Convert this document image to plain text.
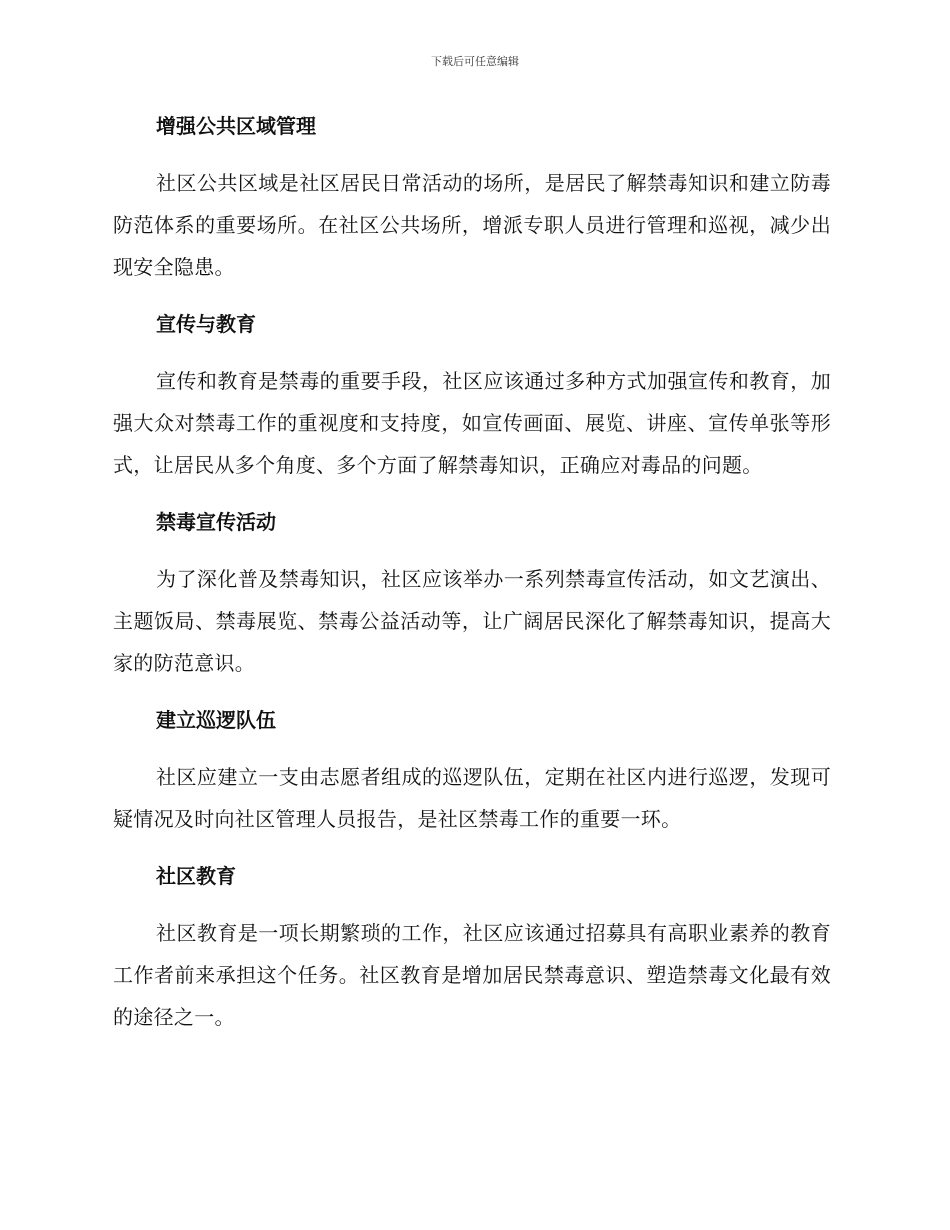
下载后可任意编辑
增强公共区域管理

社区公共区域是社区居民日常活动的场所，是居民了解禁毒知识和建立防毒防范体系的重要场所。在社区公共场所，增派专职人员进行管理和巡视，减少出现安全隐患。

宣传与教育

宣传和教育是禁毒的重要手段，社区应该通过多种方式加强宣传和教育，加强大众对禁毒工作的重视度和支持度，如宣传画面、展览、讲座、宣传单张等形式，让居民从多个角度、多个方面了解禁毒知识，正确应对毒品的问题。

禁毒宣传活动

为了深化普及禁毒知识，社区应该举办一系列禁毒宣传活动，如文艺演出、主题饭局、禁毒展览、禁毒公益活动等，让广阔居民深化了解禁毒知识，提高大家的防范意识。

建立巡逻队伍

社区应建立一支由志愿者组成的巡逻队伍，定期在社区内进行巡逻，发现可疑情况及时向社区管理人员报告，是社区禁毒工作的重要一环。

社区教育

社区教育是一项长期繁琐的工作，社区应该通过招募具有高职业素养的教育工作者前来承担这个任务。社区教育是增加居民禁毒意识、塑造禁毒文化最有效的途径之一。
